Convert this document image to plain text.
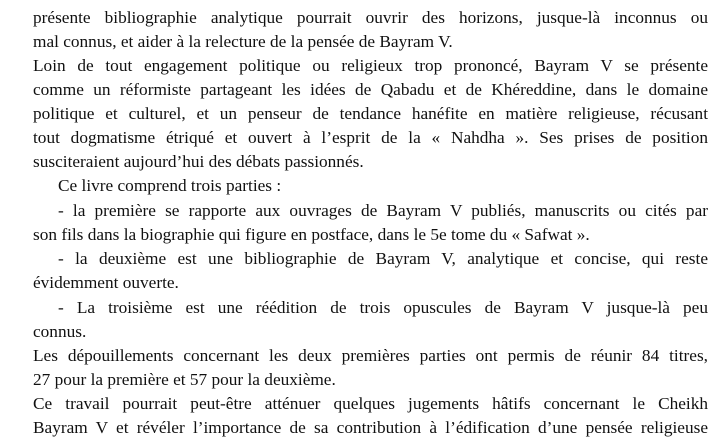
présente bibliographie analytique pourrait ouvrir des horizons, jusque-là inconnus ou
mal connus, et aider à la relecture de la pensée de Bayram V.
Loin de tout engagement politique ou religieux trop prononcé, Bayram V se présente
comme un réformiste partageant les idées de Qabadu et de Khéreddine, dans le domaine
politique et culturel, et un penseur de tendance hanéfite en matière religieuse, récusant
tout dogmatisme étriqué et ouvert à l’esprit de la « Nahdha ». Ses prises de position
susciteraient aujourd’hui des débats passionnés.
Ce livre comprend trois parties :
- la première se rapporte aux ouvrages de Bayram V publiés, manuscrits ou cités par
son fils dans la biographie qui figure en postface, dans le 5e tome du « Safwat ».
- la deuxième est une bibliographie de Bayram V, analytique et concise, qui reste
évidemment ouverte.
- La troisième est une réédition de trois opuscules de Bayram V jusque-là peu
connus.
Les dépouillements concernant les deux premières parties ont permis de réunir 84 titres,
27 pour la première et 57 pour la deuxième.
Ce travail pourrait peut-être atténuer quelques jugements hâtifs concernant le Cheikh
Bayram V et révéler l’importance de sa contribution à l’édification d’une pensée religieuse
